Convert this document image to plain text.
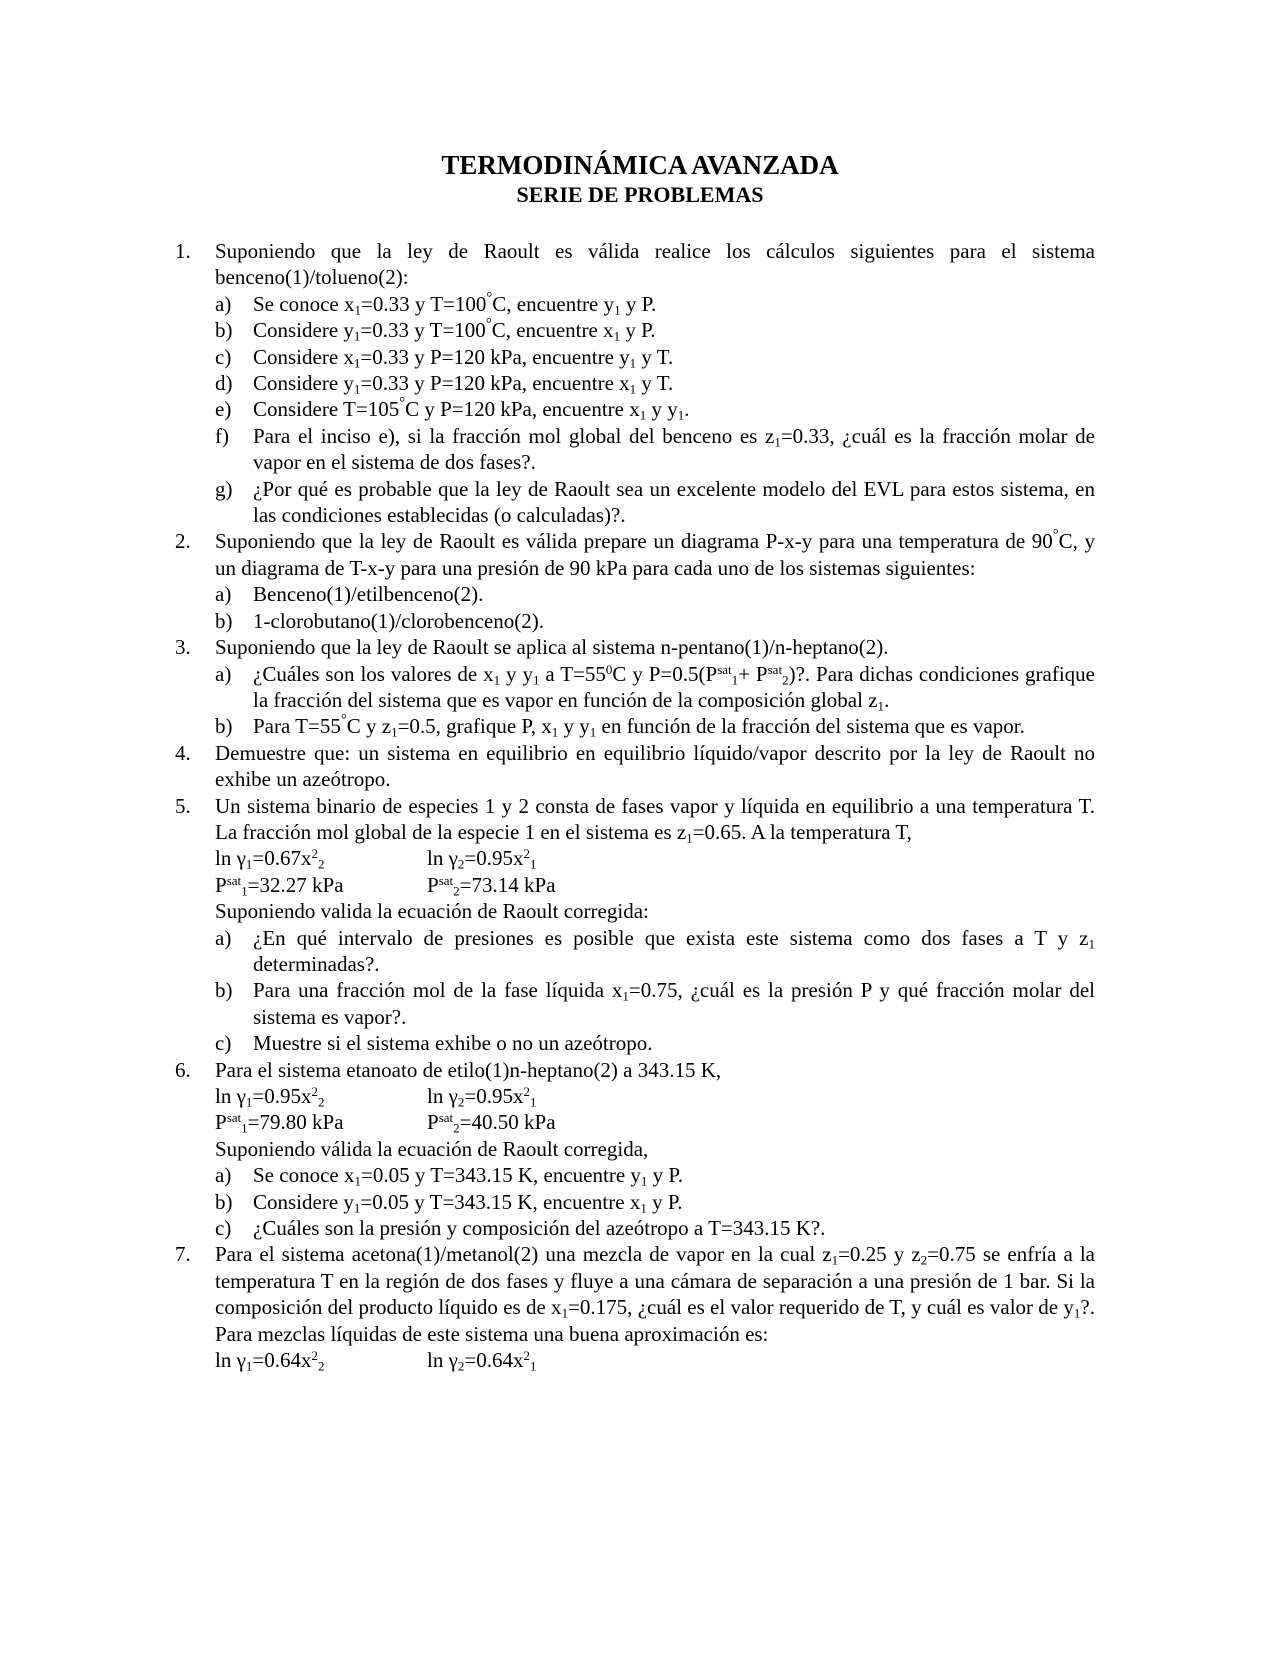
TERMODINÁMICA AVANZADA
SERIE DE PROBLEMAS
1. Suponiendo que la ley de Raoult es válida realice los cálculos siguientes para el sistema benceno(1)/tolueno(2):
a) Se conoce $x_1=0.33$ y T=100°C, encuentre $y_1$ y P.
b) Considere $y_1=0.33$ y T=100°C, encuentre $x_1$ y P.
c) Considere $x_1=0.33$ y P=120 kPa, encuentre $y_1$ y T.
d) Considere $y_1=0.33$ y P=120 kPa, encuentre $x_1$ y T.
e) Considere T=105°C y P=120 kPa, encuentre $x_1$ y $y_1$.
f) Para el inciso e), si la fracción mol global del benceno es $z_1=0.33$, ¿cuál es la fracción molar de vapor en el sistema de dos fases?.
g) ¿Por qué es probable que la ley de Raoult sea un excelente modelo del EVL para estos sistema, en las condiciones establecidas (o calculadas)?.
2. Suponiendo que la ley de Raoult es válida prepare un diagrama P-x-y para una temperatura de 90°C, y un diagrama de T-x-y para una presión de 90 kPa para cada uno de los sistemas siguientes:
a) Benceno(1)/etilbenceno(2).
b) 1-clorobutano(1)/clorobenceno(2).
3. Suponiendo que la ley de Raoult se aplica al sistema n-pentano(1)/n-heptano(2).
a) ¿Cuáles son los valores de $x_1$ y $y_1$ a $T=55^0C$ y $P=0.5(P^{sat}_1+ P^{sat}_2)$?. Para dichas condiciones grafique la fracción del sistema que es vapor en función de la composición global $z_1$.
b) Para T=55°C y $z_1=0.5$, grafique P, $x_1$ y $y_1$ en función de la fracción del sistema que es vapor.
4. Demuestre que: un sistema en equilibrio en equilibrio líquido/vapor descrito por la ley de Raoult no exhibe un azeótropo.
5. Un sistema binario de especies 1 y 2 consta de fases vapor y líquida en equilibrio a una temperatura T. La fracción mol global de la especie 1 en el sistema es $z_1=0.65$. A la temperatura T,
$\ln \gamma_1=0.67x^2_2$	$\ln \gamma_2=0.95x^2_1$
$P^{sat}_1=32.27$ kPa	$P^{sat}_2=73.14$ kPa
Suponiendo valida la ecuación de Raoult corregida:
a) ¿En qué intervalo de presiones es posible que exista este sistema como dos fases a T y $z_1$ determinadas?.
b) Para una fracción mol de la fase líquida $x_1=0.75$, ¿cuál es la presión P y qué fracción molar del sistema es vapor?.
c) Muestre si el sistema exhibe o no un azeótropo.
6. Para el sistema etanoato de etilo(1)n-heptano(2) a 343.15 K,
$\ln \gamma_1=0.95x^2_2$	$\ln \gamma_2=0.95x^2_1$
$P^{sat}_1=79.80$ kPa	$P^{sat}_2=40.50$ kPa
Suponiendo válida la ecuación de Raoult corregida,
a) Se conoce $x_1=0.05$ y T=343.15 K, encuentre $y_1$ y P.
b) Considere $y_1=0.05$ y T=343.15 K, encuentre $x_1$ y P.
c) ¿Cuáles son la presión y composición del azeótropo a T=343.15 K?.
7. Para el sistema acetona(1)/metanol(2) una mezcla de vapor en la cual $z_1=0.25$ y $z_2=0.75$ se enfría a la temperatura T en la región de dos fases y fluye a una cámara de separación a una presión de 1 bar. Si la composición del producto líquido es de $x_1=0.175$, ¿cuál es el valor requerido de T, y cuál es valor de $y_1$?. Para mezclas líquidas de este sistema una buena aproximación es:
$\ln \gamma_1=0.64x^2_2$	$\ln \gamma_2=0.64x^2_1$
